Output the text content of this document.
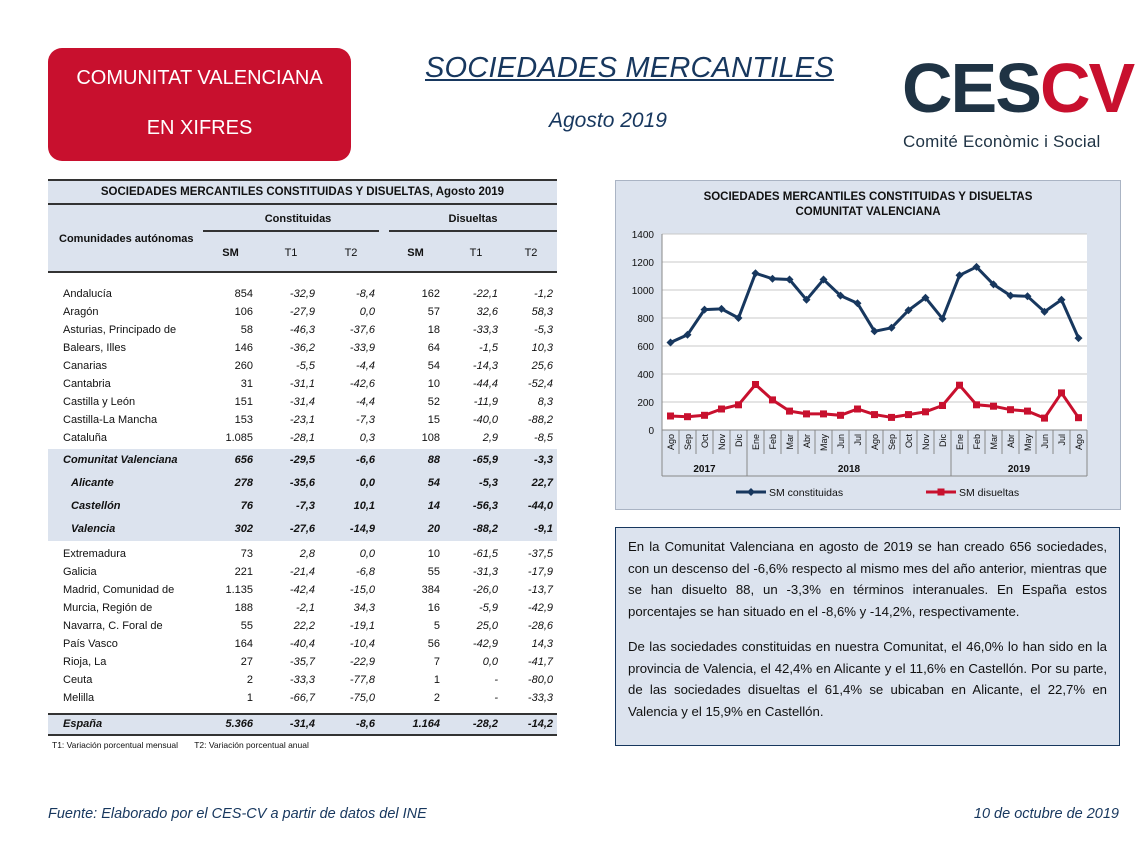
COMUNITAT VALENCIANA
EN XIFRES
SOCIEDADES MERCANTILES
Agosto 2019	CESCV
Comité Econòmic i Social
SOCIEDADES MERCANTILES CONSTITUIDAS Y DISUELTAS, Agosto 2019
Comunidades autónomas
Constituidas	Disueltas
SM	T1	T2	SM	T1	T2
Andalucía	854	-32,9	-8,4	162	-22,1	-1,2
Aragón	106	-27,9	0,0	57	32,6	58,3
Asturias, Principado de	58	-46,3	-37,6	18	-33,3	-5,3
Balears, Illes	146	-36,2	-33,9	64	-1,5	10,3
Canarias	260	-5,5	-4,4	54	-14,3	25,6
Cantabria	31	-31,1	-42,6	10	-44,4	-52,4
Castilla y León	151	-31,4	-4,4	52	-11,9	8,3
Castilla-La Mancha	153	-23,1	-7,3	15	-40,0	-88,2
Cataluña	1.085	-28,1	0,3	108	2,9	-8,5
Comunitat Valenciana	656	-29,5	-6,6	88	-65,9	-3,3
Alicante	278	-35,6	0,0	54	-5,3	22,7
Castellón	76	-7,3	10,1	14	-56,3	-44,0
Valencia	302	-27,6	-14,9	20	-88,2	-9,1
Extremadura	73	2,8	0,0	10	-61,5	-37,5
Galicia	221	-21,4	-6,8	55	-31,3	-17,9
Madrid, Comunidad de	1.135	-42,4	-15,0	384	-26,0	-13,7
Murcia, Región de	188	-2,1	34,3	16	-5,9	-42,9
Navarra, C. Foral de	55	22,2	-19,1	5	25,0	-28,6
País Vasco	164	-40,4	-10,4	56	-42,9	14,3
Rioja, La	27	-35,7	-22,9	7	0,0	-41,7
Ceuta	2	-33,3	-77,8	1	-	-80,0
Melilla	1	-66,7	-75,0	2	-	-33,3
España	5.366	-31,4	-8,6	1.164	-28,2	-14,2
T1: Variación porcentual mensual T2: Variación porcentual anual
SOCIEDADES MERCANTILES CONSTITUIDAS Y DISUELTAS
COMUNITAT VALENCIANA
0
200
400
600
800
1000
1200
1400
Ago Sep Oct Nov Dic Ene Feb Mar Abr May Jun Jul Ago Sep Oct Nov Dic Ene Feb Mar Abr May Jun Jul Ago
2017	2018	2019
SM constituidas	SM disueltas

En la Comunitat Valenciana en agosto de 2019 se han creado 656 sociedades, con un descenso del -6,6% respecto al mismo mes del año anterior, mientras que se han disuelto 88, un -3,3% en términos interanuales. En España estos porcentajes se han situado en el -8,6% y -14,2%, respectivamente.

De las sociedades constituidas en nuestra Comunitat, el 46,0% lo han sido en la provincia de Valencia, el 42,4% en Alicante y el 11,6% en Castellón. Por su parte, de las sociedades disueltas el 61,4% se ubicaban en Alicante, el 22,7% en Valencia y el 15,9% en Castellón.

Fuente: Elaborado por el CES-CV a partir de datos del INE	10 de octubre de 2019
